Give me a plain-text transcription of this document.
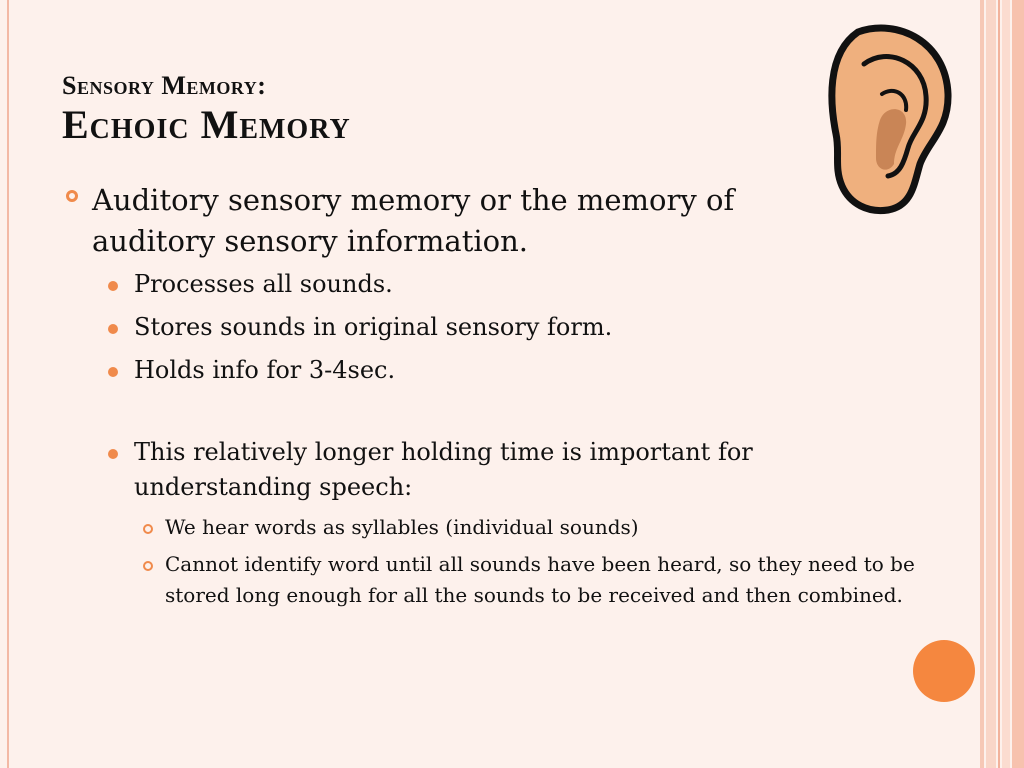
Sensory Memory:
Echoic Memory
Auditory sensory memory or the memory of auditory sensory information.
Processes all sounds.
Stores sounds in original sensory form.
Holds info for 3-4sec.
This relatively longer holding time is important for understanding speech:
We hear words as syllables (individual sounds)
Cannot identify word until all sounds have been heard, so they need to be stored long enough for all the sounds to be received and then combined.
